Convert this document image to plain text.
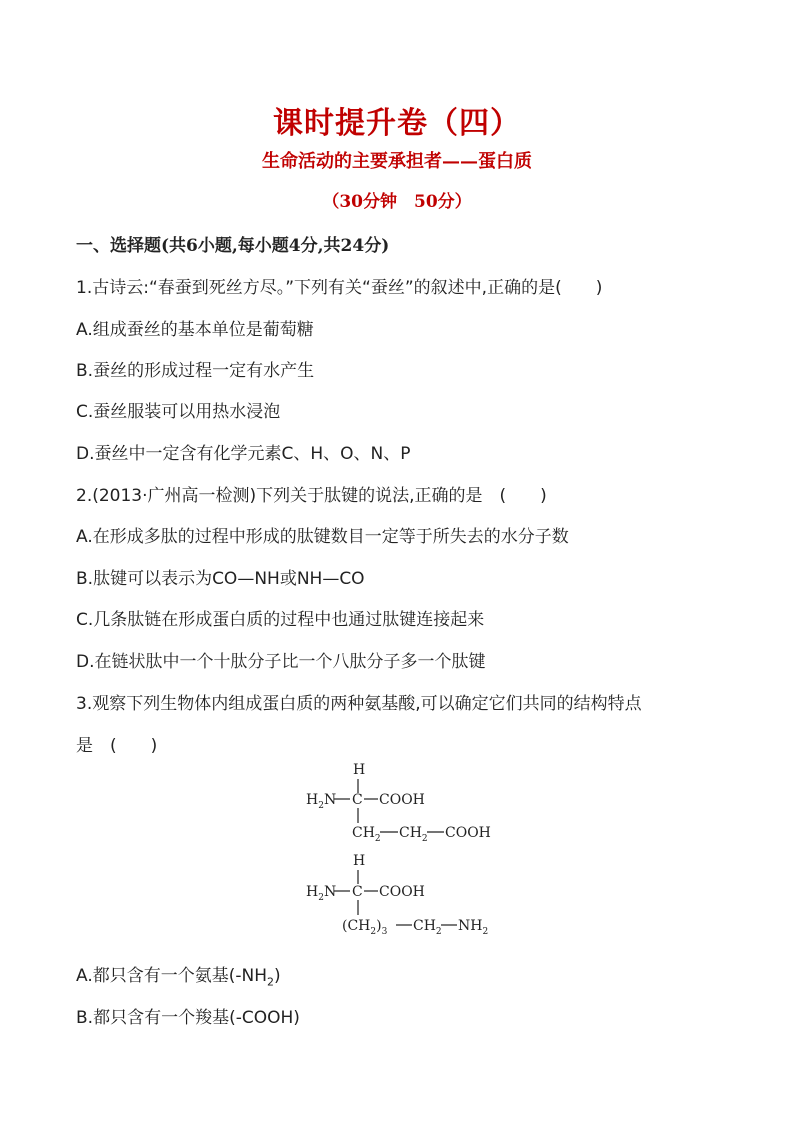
课时提升卷（四）
生命活动的主要承担者——蛋白质
（30分钟　50分）
一、选择题(共6小题,每小题4分,共24分)
1.古诗云:“春蚕到死丝方尽。”下列有关“蚕丝”的叙述中,正确的是(　　)
A.组成蚕丝的基本单位是葡萄糖
B.蚕丝的形成过程一定有水产生
C.蚕丝服装可以用热水浸泡
D.蚕丝中一定含有化学元素C、H、O、N、P
2.(2013·广州高一检测)下列关于肽键的说法,正确的是　(　　)
A.在形成多肽的过程中形成的肽键数目一定等于所失去的水分子数
B.肽键可以表示为CO—NH或NH—CO
C.几条肽链在形成蛋白质的过程中也通过肽键连接起来
D.在链状肽中一个十肽分子比一个八肽分子多一个肽键
3.观察下列生物体内组成蛋白质的两种氨基酸,可以确定它们共同的结构特点
是　(　　)
H
$H_2N$ C COOH
$CH_2$ $CH_2$ COOH
H
$H_2N$ C COOH
$(CH_2)_3$ $CH_2$ $NH_2$
A.都只含有一个氨基$(-NH_2)$
B.都只含有一个羧基(-COOH)
